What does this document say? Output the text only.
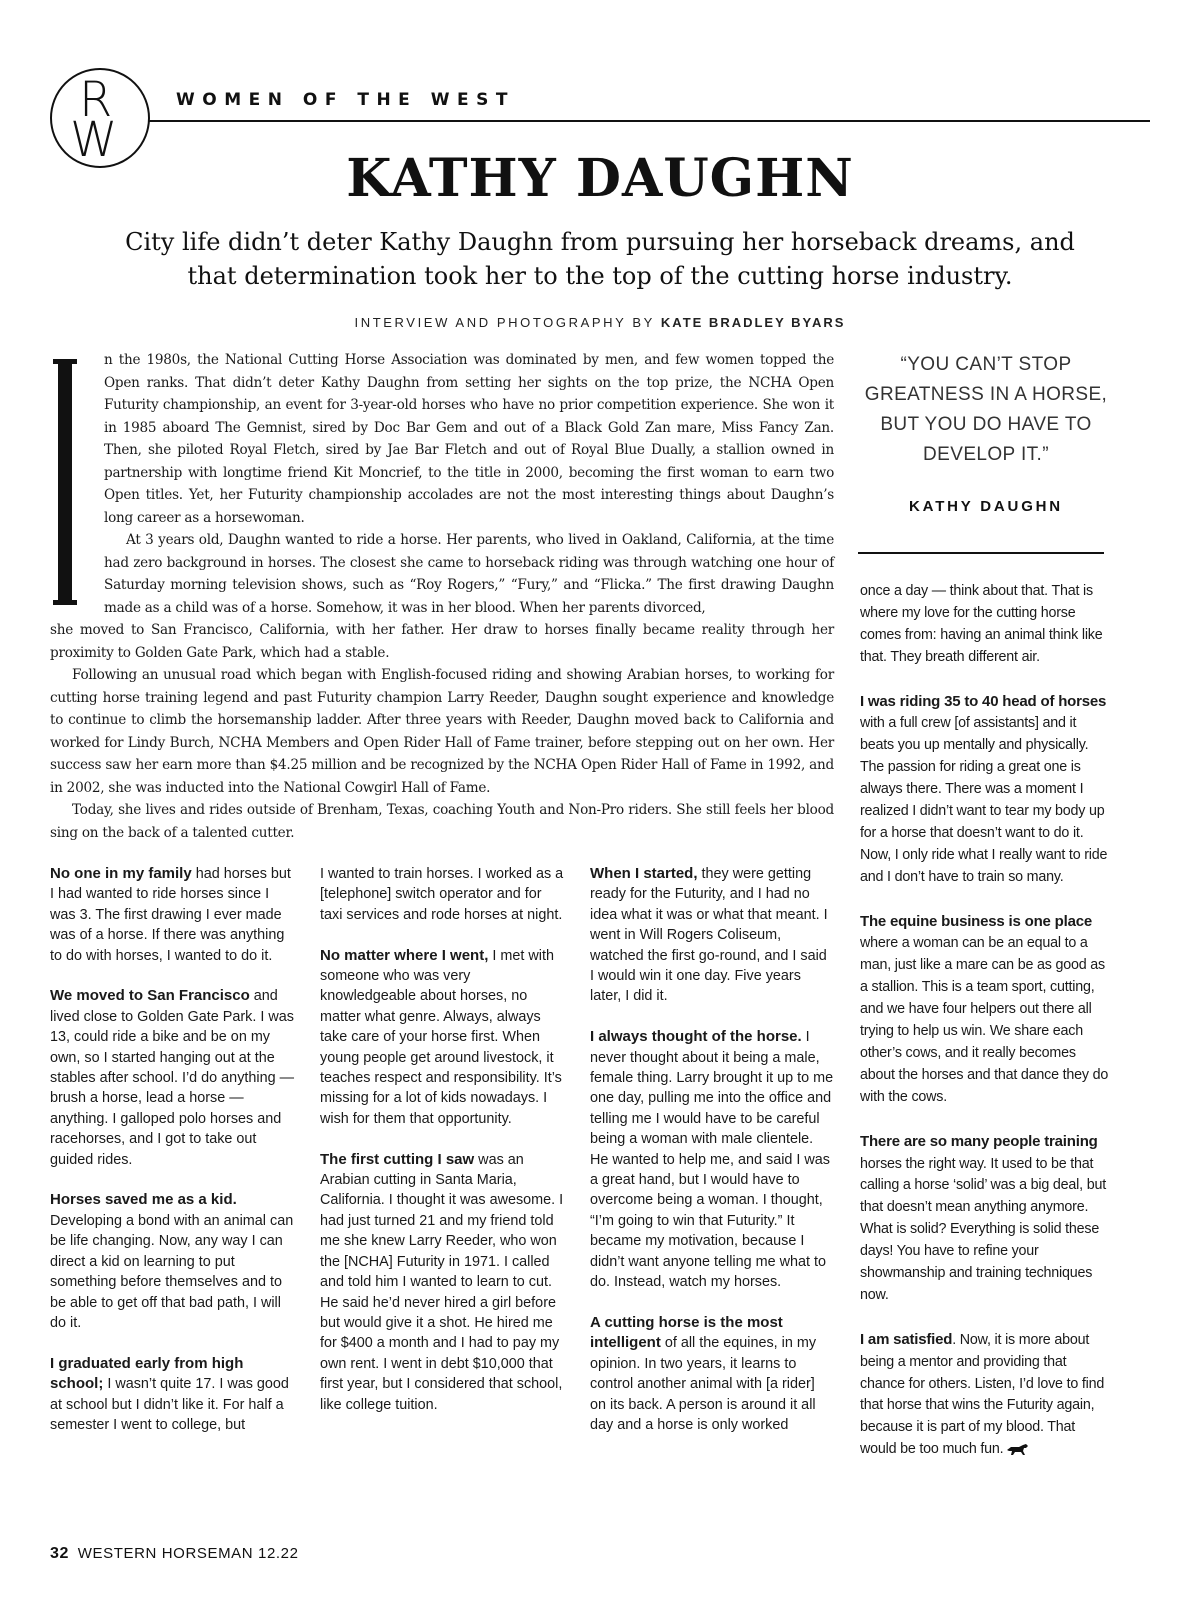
R
W
WOMEN OF THE WEST
KATHY DAUGHN

City life didn’t deter Kathy Daughn from pursuing her horseback dreams, and that determination took her to the top of the cutting horse industry.

INTERVIEW AND PHOTOGRAPHY BY KATE BRADLEY BYARS

n the 1980s, the National Cutting Horse Association was dominated by men, and few women topped the Open ranks. That didn’t deter Kathy Daughn from setting her sights on the top prize, the NCHA Open Futurity championship, an event for 3-year-old horses who have no prior competition experience. She won it in 1985 aboard The Gemnist, sired by Doc Bar Gem and out of a Black Gold Zan mare, Miss Fancy Zan. Then, she piloted Royal Fletch, sired by Jae Bar Fletch and out of Royal Blue Dually, a stallion owned in partnership with longtime friend Kit Moncrief, to the title in 2000, becoming the first woman to earn two Open titles. Yet, her Futurity championship accolades are not the most interesting things about Daughn’s long career as a horsewoman.

At 3 years old, Daughn wanted to ride a horse. Her parents, who lived in Oakland, California, at the time had zero background in horses. The closest she came to horseback riding was through watching one hour of Saturday morning television shows, such as “Roy Rogers,” “Fury,” and “Flicka.” The first drawing Daughn made as a child was of a horse. Somehow, it was in her blood. When her parents divorced,

she moved to San Francisco, California, with her father. Her draw to horses finally became reality through her proximity to Golden Gate Park, which had a stable.

Following an unusual road which began with English-focused riding and showing Arabian horses, to working for cutting horse training legend and past Futurity champion Larry Reeder, Daughn sought experience and knowledge to continue to climb the horsemanship ladder. After three years with Reeder, Daughn moved back to California and worked for Lindy Burch, NCHA Members and Open Rider Hall of Fame trainer, before stepping out on her own. Her success saw her earn more than $4.25 million and be recognized by the NCHA Open Rider Hall of Fame in 1992, and in 2002, she was inducted into the National Cowgirl Hall of Fame.

Today, she lives and rides outside of Brenham, Texas, coaching Youth and Non-Pro riders. She still feels her blood sing on the back of a talented cutter.

“YOU CAN’T STOP GREATNESS IN A HORSE, BUT YOU DO HAVE TO DEVELOP IT.”

KATHY DAUGHN

No one in my family had horses but I had wanted to ride horses since I was 3. The first drawing I ever made was of a horse. If there was anything to do with horses, I wanted to do it.

We moved to San Francisco and lived close to Golden Gate Park. I was 13, could ride a bike and be on my own, so I started hanging out at the stables after school. I’d do anything — brush a horse, lead a horse — anything. I galloped polo horses and racehorses, and I got to take out guided rides.

Horses saved me as a kid. Developing a bond with an animal can be life changing. Now, any way I can direct a kid on learning to put something before themselves and to be able to get off that bad path, I will do it.

I graduated early from high school; I wasn’t quite 17. I was good at school but I didn’t like it. For half a semester I went to college, but

I wanted to train horses. I worked as a [telephone] switch operator and for taxi services and rode horses at night.

No matter where I went, I met with someone who was very knowledgeable about horses, no matter what genre. Always, always take care of your horse first. When young people get around livestock, it teaches respect and responsibility. It’s missing for a lot of kids nowadays. I wish for them that opportunity.

The first cutting I saw was an Arabian cutting in Santa Maria, California. I thought it was awesome. I had just turned 21 and my friend told me she knew Larry Reeder, who won the [NCHA] Futurity in 1971. I called and told him I wanted to learn to cut. He said he’d never hired a girl before but would give it a shot. He hired me for $400 a month and I had to pay my own rent. I went in debt $10,000 that first year, but I considered that school, like college tuition.

When I started, they were getting ready for the Futurity, and I had no idea what it was or what that meant. I went in Will Rogers Coliseum, watched the first go-round, and I said I would win it one day. Five years later, I did it.

I always thought of the horse. I never thought about it being a male, female thing. Larry brought it up to me one day, pulling me into the office and telling me I would have to be careful being a woman with male clientele. He wanted to help me, and said I was a great hand, but I would have to overcome being a woman. I thought, “I’m going to win that Futurity.” It became my motivation, because I didn’t want anyone telling me what to do. Instead, watch my horses.

A cutting horse is the most intelligent of all the equines, in my opinion. In two years, it learns to control another animal with [a rider] on its back. A person is around it all day and a horse is only worked

once a day — think about that. That is where my love for the cutting horse comes from: having an animal think like that. They breath different air.

I was riding 35 to 40 head of horses with a full crew [of assistants] and it beats you up mentally and physically. The passion for riding a great one is always there. There was a moment I realized I didn’t want to tear my body up for a horse that doesn’t want to do it. Now, I only ride what I really want to ride and I don’t have to train so many.

The equine business is one place where a woman can be an equal to a man, just like a mare can be as good as a stallion. This is a team sport, cutting, and we have four helpers out there all trying to help us win. We share each other’s cows, and it really becomes about the horses and that dance they do with the cows.

There are so many people training horses the right way. It used to be that calling a horse ‘solid’ was a big deal, but that doesn’t mean anything anymore. What is solid? Everything is solid these days! You have to refine your showmanship and training techniques now.

I am satisfied. Now, it is more about being a mentor and providing that chance for others. Listen, I’d love to find that horse that wins the Futurity again, because it is part of my blood. That would be too much fun.

32 WESTERN HORSEMAN 12.22
